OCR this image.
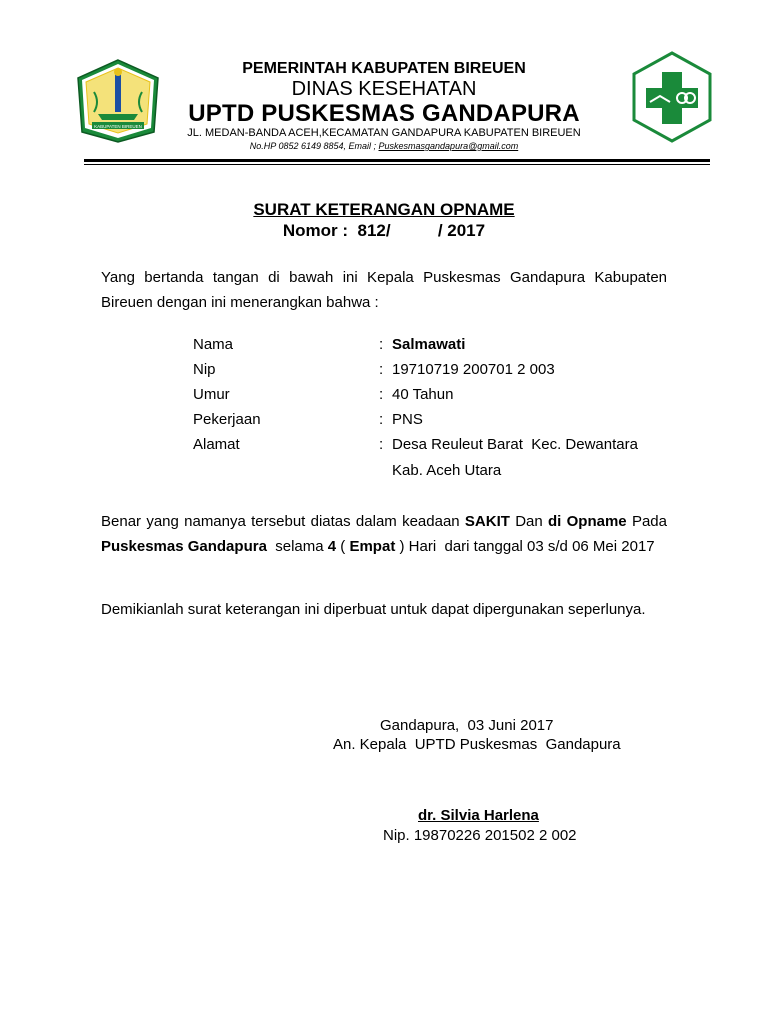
KABUPATEN BIREUEN
PEMERINTAH KABUPATEN BIREUEN
DINAS KESEHATAN
UPTD PUSKESMAS GANDAPURA
JL. MEDAN-BANDA ACEH,KECAMATAN GANDAPURA KABUPATEN BIREUEN
No.HP 0852 6149 8854, Email ; Puskesmasgandapura@gmail.com
SURAT KETERANGAN OPNAME
Nomor :  812/          / 2017
Yang bertanda tangan di bawah ini Kepala Puskesmas Gandapura Kabupaten Bireuen dengan ini menerangkan bahwa :
Nama	: Salmawati
Nip	: 19710719 200701 2 003
Umur	: 40 Tahun
Pekerjaan	: PNS
Alamat	: Desa Reuleut Barat  Kec. Dewantara
Kab. Aceh Utara
Benar yang namanya tersebut diatas dalam keadaan SAKIT Dan di Opname Pada Puskesmas Gandapura  selama 4 ( Empat ) Hari  dari tanggal 03 s/d 06 Mei 2017
Demikianlah surat keterangan ini diperbuat untuk dapat dipergunakan seperlunya.
Gandapura,  03 Juni 2017
An. Kepala  UPTD Puskesmas  Gandapura
dr. Silvia Harlena
Nip. 19870226 201502 2 002
